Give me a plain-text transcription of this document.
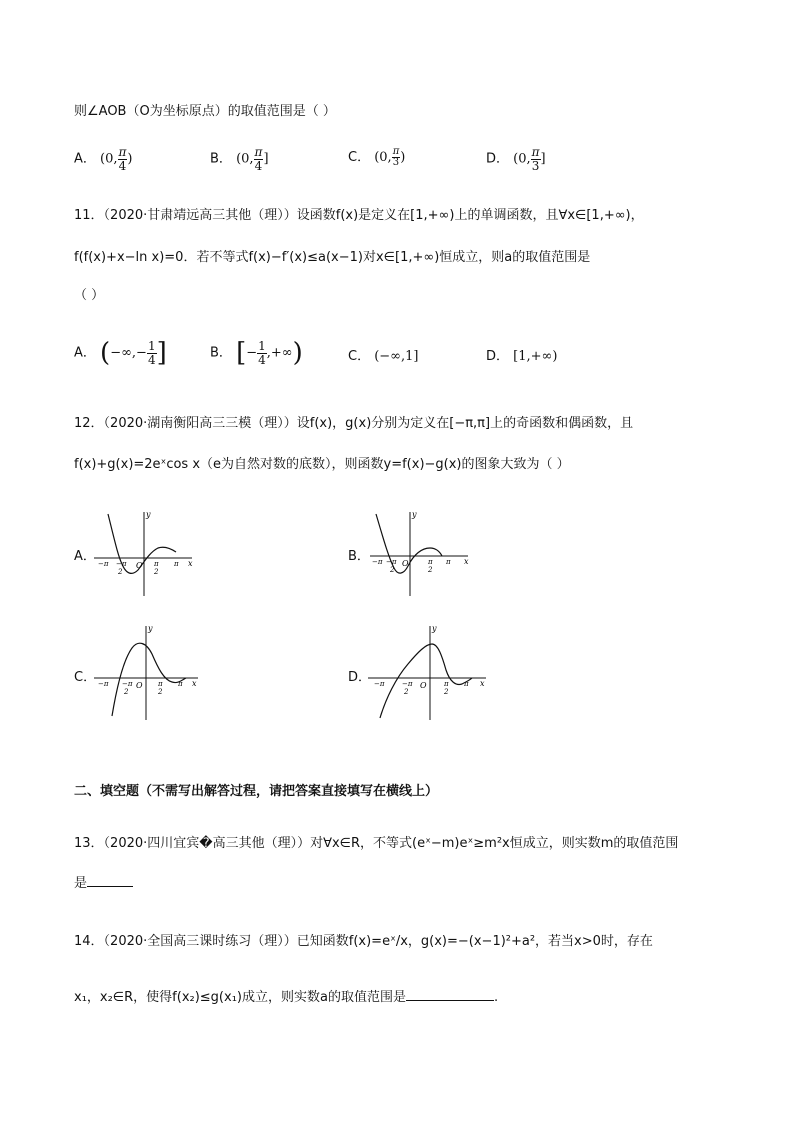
则∠AOB（O为坐标原点）的取值范围是（ ）
A． (0, $\frac{\pi}{4}$ )	B． (0, $\frac{\pi}{4}$ ]	C． (0, $\frac{\pi}{3}$ )	D． (0, $\frac{\pi}{3}$ ]
11．（2020·甘肃靖远高三其他（理））设函数f(x)是定义在[1,+∞)上的单调函数，且∀x∈[1,+∞)，
f(f(x)+x−ln x)=0．若不等式f(x)−f′(x)≤a(x−1)对x∈[1,+∞)恒成立，则a的取值范围是
（ ）
A． (−∞,− $\frac{1}{4}$ ]	B． [− $\frac{1}{4}$ ,+∞)	C． (−∞,1]	D． [1,+∞)
12．（2020·湖南衡阳高三三模（理））设f(x)，g(x)分别为定义在[−π,π]上的奇函数和偶函数，且
f(x)+g(x)=2eˣcos x（e为自然对数的底数），则函数y=f(x)−g(x)的图象大致为（ ）
A．	B．
C．	D．
y
x
O
−π −π
2
π
2
π
y
x
O
−π −π
2
π
2
π
y
x
O
−π −π
2
π
2
π
y
x
O
−π	−π
2
π
2
π
二、填空题（不需写出解答过程，请把答案直接填写在横线上）
13．（2020·四川宜宾�高三其他（理））对∀x∈R，不等式(eˣ−m)eˣ≥m²x恒成立，则实数m的取值范围
是
14．（2020·全国高三课时练习（理））已知函数f(x)=eˣ/x，g(x)=−(x−1)²+a²，若当x>0时，存在
x₁，x₂∈R，使得f(x₂)≤g(x₁)成立，则实数a的取值范围是	.
